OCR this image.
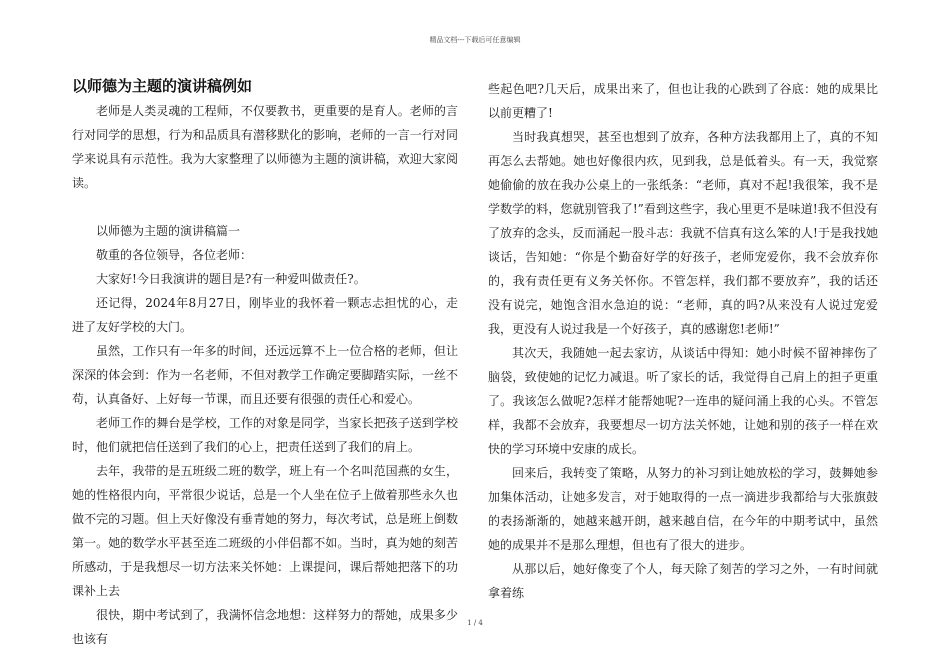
精品文档---下载后可任意编辑
以师德为主题的演讲稿例如

老师是人类灵魂的工程师，不仅要教书，更重要的是育人。老师的言行对同学的思想，行为和品质具有潜移默化的影响，老师的一言一行对同学来说具有示范性。我为大家整理了以师德为主题的演讲稿，欢迎大家阅读。

以师德为主题的演讲稿篇一

敬重的各位领导，各位老师：

大家好!今日我演讲的题目是?有一种爱叫做责任?。

还记得，2024年8月27日，刚毕业的我怀着一颗志忐担忧的心，走进了友好学校的大门。

虽然，工作只有一年多的时间，还远远算不上一位合格的老师，但让深深的体会到：作为一名老师，不但对教学工作确定要脚踏实际，一丝不苟，认真备好、上好每一节课，而且还要有很强的责任心和爱心。

老师工作的舞台是学校，工作的对象是同学，当家长把孩子送到学校时，他们就把信任送到了我们的心上，把责任送到了我们的肩上。

去年，我带的是五班级二班的数学，班上有一个名叫范国燕的女生，她的性格很内向，平常很少说话，总是一个人坐在位子上做着那些永久也做不完的习题。但上天好像没有垂青她的努力，每次考试，总是班上倒数第一。她的数学水平甚至连二班级的小伴侣都不如。当时，真为她的刻苦所感动，于是我想尽一切方法来关怀她：上课提问，课后帮她把落下的功课补上去

很快，期中考试到了，我满怀信念地想：这样努力的帮她，成果多少也该有

些起色吧?几天后，成果出来了，但也让我的心跌到了谷底：她的成果比以前更糟了!

当时我真想哭，甚至也想到了放弃，各种方法我都用上了，真的不知再怎么去帮她。她也好像很内疚，见到我，总是低着头。有一天，我觉察她偷偷的放在我办公桌上的一张纸条：“老师，真对不起!我很笨，我不是学数学的料，您就别管我了!”看到这些字，我心里更不是味道!我不但没有了放弃的念头，反而涌起一股斗志：我就不信真有这么笨的人!于是我找她谈话，告知她：“你是个勤奋好学的好孩子，老师宠爱你，我不会放弃你的，我有责任更有义务关怀你。不管怎样，我们都不要放弃”，我的话还没有说完，她饱含泪水急迫的说：“老师，真的吗?从来没有人说过宠爱我，更没有人说过我是一个好孩子，真的感谢您!老师!”

其次天，我随她一起去家访，从谈话中得知：她小时候不留神摔伤了脑袋，致使她的记忆力减退。听了家长的话，我觉得自己肩上的担子更重了。我该怎么做呢?怎样才能帮她呢?一连串的疑问涌上我的心头。不管怎样，我都不会放弃，我要想尽一切方法关怀她，让她和别的孩子一样在欢快的学习环境中安康的成长。

回来后，我转变了策略，从努力的补习到让她放松的学习，鼓舞她参加集体活动，让她多发言，对于她取得的一点一滴进步我都给与大张旗鼓的表扬渐渐的，她越来越开朗，越来越自信，在今年的中期考试中，虽然她的成果并不是那么理想，但也有了很大的进步。

从那以后，她好像变了个人，每天除了刻苦的学习之外，一有时间就拿着练

1 / 4
